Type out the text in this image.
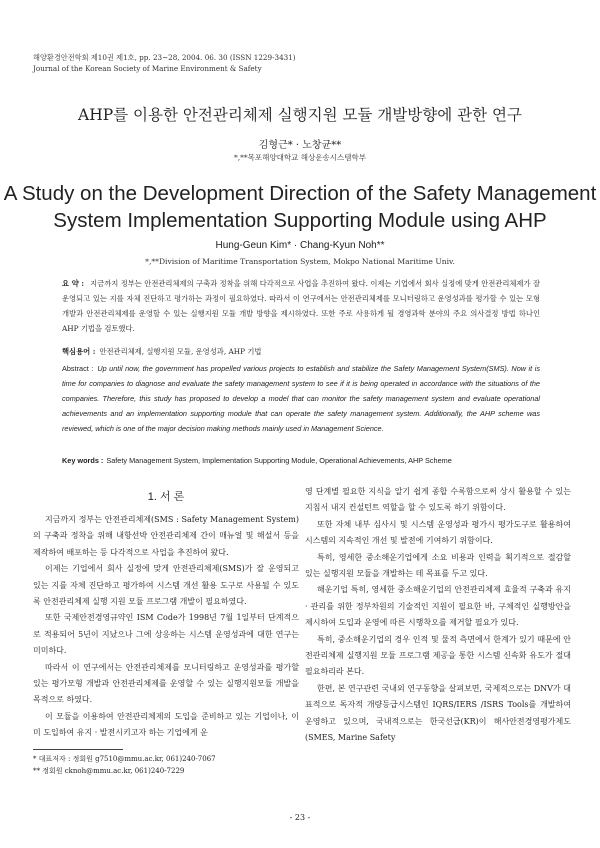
해양환경안전학회 제10권 제1호, pp. 23~28, 2004. 06. 30 (ISSN 1229-3431)
Journal of the Korean Society of Marine Environment & Safety
AHP를 이용한 안전관리체제 실행지원 모듈 개발방향에 관한 연구
김형근* · 노창균**
*,**목포해양대학교 해상운송시스템학부
A Study on the Development Direction of the Safety Management
System Implementation Supporting Module using AHP
Hung-Geun Kim* · Chang-Kyun Noh**
*,**Division of Maritime Transportation System, Mokpo National Maritime Univ.
요 약 : 지금까지 정부는 안전관리체제의 구축과 정착을 위해 다각적으로 사업을 추진하여 왔다. 이제는 기업에서 회사 실정에 맞게 안전관리체제가 잘 운영되고 있는 지를 자체 진단하고 평가하는 과정이 필요하였다. 따라서 이 연구에서는 안전관리체제를 모니터링하고 운영성과를 평가할 수 있는 모형 개발과 안전관리체제를 운영할 수 있는 실행지원 모듈 개발 방향을 제시하였다. 또한 주로 사용하게 될 경영과학 분야의 주요 의사결정 방법 하나인 AHP 기법을 검토했다.
핵심용어 : 안전관리체제, 실행지원 모듈, 운영성과, AHP 기법
Abstract : Up until now, the government has propelled various projects to establish and stabilize the Safety Management System(SMS). Now it is time for companies to diagnose and evaluate the safety management system to see if it is being operated in accordance with the situations of the companies. Therefore, this study has proposed to develop a model that can monitor the safety management system and evaluate operational achievements and an implementation supporting module that can operate the safety management system. Additionally, the AHP scheme was reviewed, which is one of the major decision making methods mainly used in Management Science.
Key words : Safety Management System, Implementation Supporting Module, Operational Achievements, AHP Scheme
1. 서 론

지금까지 정부는 안전관리체제(SMS : Safety Management System)의 구축과 정착을 위해 내항선박 안전관리체제 간이 매뉴얼 및 해설서 등을 제작하여 배포하는 등 다각적으로 사업을 추진하여 왔다.

이제는 기업에서 회사 실정에 맞게 안전관리체제(SMS)가 잘 운영되고 있는 지를 자체 진단하고 평가하여 시스템 개선 활용 도구로 사용될 수 있도록 안전관리체제 실행 지원 모듈 프로그램 개발이 필요하였다.

또한 국제안전경영규약인 ISM Code가 1998년 7월 1일부터 단계적으로 적용되어 5년이 지났으나 그에 상응하는 시스템 운영성과에 대한 연구는 미미하다.

따라서 이 연구에서는 안전관리체제를 모니터링하고 운영성과를 평가할 있는 평가모형 개발과 안전관리체제를 운영할 수 있는 실행지원모듈 개발을 목적으로 하였다.

이 모듈을 이용하여 안전관리체제의 도입을 준비하고 있는 기업이나, 이미 도입하여 유지 · 발전시키고자 하는 기업에게 운

영 단계별 필요한 지식을 알기 쉽게 종합 수록함으로써 상시 활용할 수 있는 지침서 내지 컨설턴트 역할을 할 수 있도록 하기 위함이다.

또한 자체 내부 심사시 및 시스템 운영성과 평가시 평가도구로 활용하여 시스템의 지속적인 개선 및 발전에 기여하기 위함이다.

특히, 영세한 중소해운기업에게 소요 비용과 인력을 획기적으로 절감할 있는 실행지원 모듈을 개발하는 데 목표를 두고 있다.

해운기업 특히, 영세한 중소해운기업의 안전관리체제 효율적 구축과 유지 · 관리를 위한 정부차원의 기술적인 지원이 필요한 바, 구체적인 실행방안을 제시하여 도입과 운영에 따른 시행착오를 제거할 필요가 있다.

특히, 중소해운기업의 경우 인적 및 물적 측면에서 한계가 있기 때문에 안전관리체제 실행지원 모듈 프로그램 제공을 통한 시스템 신속화 유도가 절대 필요하리라 본다.

한편, 본 연구관련 국내외 연구동향을 살펴보면, 국제적으로는 DNV가 대표적으로 독자적 개량등급시스템인 IQRS/IERS /ISRS Tools를 개발하여 운영하고 있으며, 국내적으로는 한국선급(KR)이 해사안전경영평가제도(SMES, Marine Safety

* 대표저자 : 정회원 g7510@mmu.ac.kr, 061)240-7067
** 정회원 cknoh@mmu.ac.kr, 061)240-7229
- 23 -
